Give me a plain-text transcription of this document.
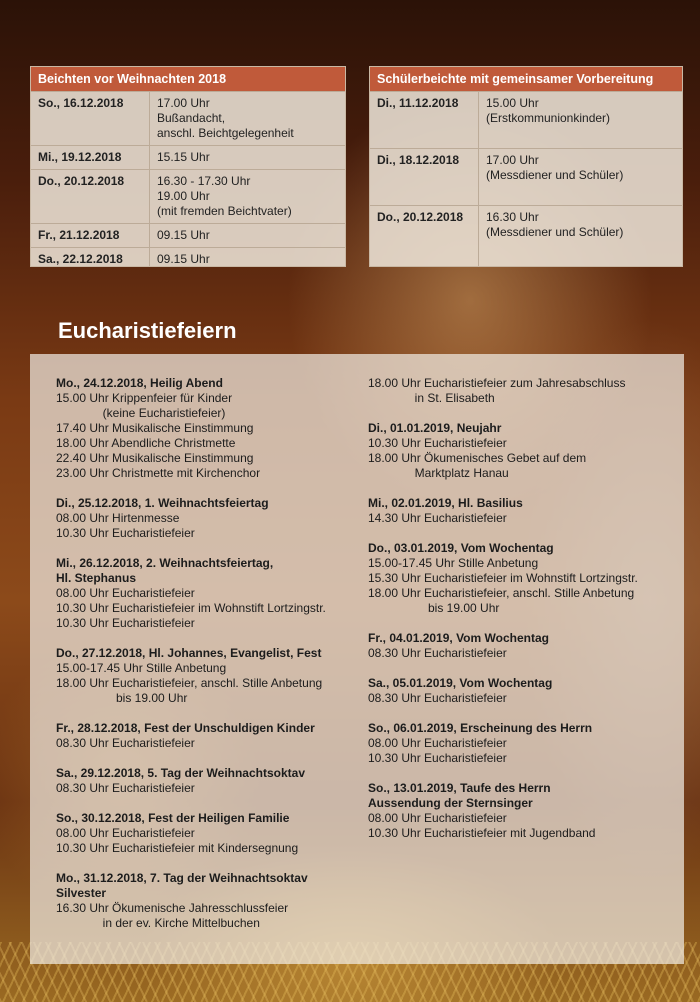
Beichten vor Weihnachten 2018
So., 16.12.2018	17.00 Uhr
Bußandacht,
anschl. Beichtgelegenheit
Mi., 19.12.2018	15.15 Uhr
Do., 20.12.2018	16.30 - 17.30 Uhr
19.00 Uhr
(mit fremden Beichtvater)
Fr., 21.12.2018	09.15 Uhr
Sa., 22.12.2018	09.15 Uhr
Schülerbeichte mit gemeinsamer Vorbereitung
Di., 11.12.2018 15.00 Uhr
(Erstkommunionkinder)
Di., 18.12.2018 17.00 Uhr
(Messdiener und Schüler)
Do., 20.12.2018 16.30 Uhr
(Messdiener und Schüler)
Eucharistiefeiern
Mo., 24.12.2018, Heilig Abend
15.00 Uhr Krippenfeier für Kinder
(keine Eucharistiefeier)
17.40 Uhr Musikalische Einstimmung
18.00 Uhr Abendliche Christmette
22.40 Uhr Musikalische Einstimmung
23.00 Uhr Christmette mit Kirchenchor
Di., 25.12.2018, 1. Weihnachtsfeiertag
08.00 Uhr Hirtenmesse
10.30 Uhr Eucharistiefeier
Mi., 26.12.2018, 2. Weihnachtsfeiertag,
Hl. Stephanus
08.00 Uhr Eucharistiefeier
10.30 Uhr Eucharistiefeier im Wohnstift Lortzingstr.
10.30 Uhr Eucharistiefeier
Do., 27.12.2018, Hl. Johannes, Evangelist, Fest
15.00-17.45 Uhr Stille Anbetung
18.00 Uhr Eucharistiefeier, anschl. Stille Anbetung
bis 19.00 Uhr
Fr., 28.12.2018, Fest der Unschuldigen Kinder
08.30 Uhr Eucharistiefeier
Sa., 29.12.2018, 5. Tag der Weihnachtsoktav
08.30 Uhr Eucharistiefeier
So., 30.12.2018, Fest der Heiligen Familie
08.00 Uhr Eucharistiefeier
10.30 Uhr Eucharistiefeier mit Kindersegnung
Mo., 31.12.2018, 7. Tag der Weihnachtsoktav
Silvester
16.30 Uhr Ökumenische Jahresschlussfeier
in der ev. Kirche Mittelbuchen
18.00 Uhr Eucharistiefeier zum Jahresabschluss
in St. Elisabeth
Di., 01.01.2019, Neujahr
10.30 Uhr Eucharistiefeier
18.00 Uhr Ökumenisches Gebet auf dem
Marktplatz Hanau
Mi., 02.01.2019, Hl. Basilius
14.30 Uhr Eucharistiefeier
Do., 03.01.2019, Vom Wochentag
15.00-17.45 Uhr Stille Anbetung
15.30 Uhr Eucharistiefeier im Wohnstift Lortzingstr.
18.00 Uhr Eucharistiefeier, anschl. Stille Anbetung
bis 19.00 Uhr
Fr., 04.01.2019, Vom Wochentag
08.30 Uhr Eucharistiefeier
Sa., 05.01.2019, Vom Wochentag
08.30 Uhr Eucharistiefeier
So., 06.01.2019, Erscheinung des Herrn
08.00 Uhr Eucharistiefeier
10.30 Uhr Eucharistiefeier
So., 13.01.2019, Taufe des Herrn
Aussendung der Sternsinger
08.00 Uhr Eucharistiefeier
10.30 Uhr Eucharistiefeier mit Jugendband
